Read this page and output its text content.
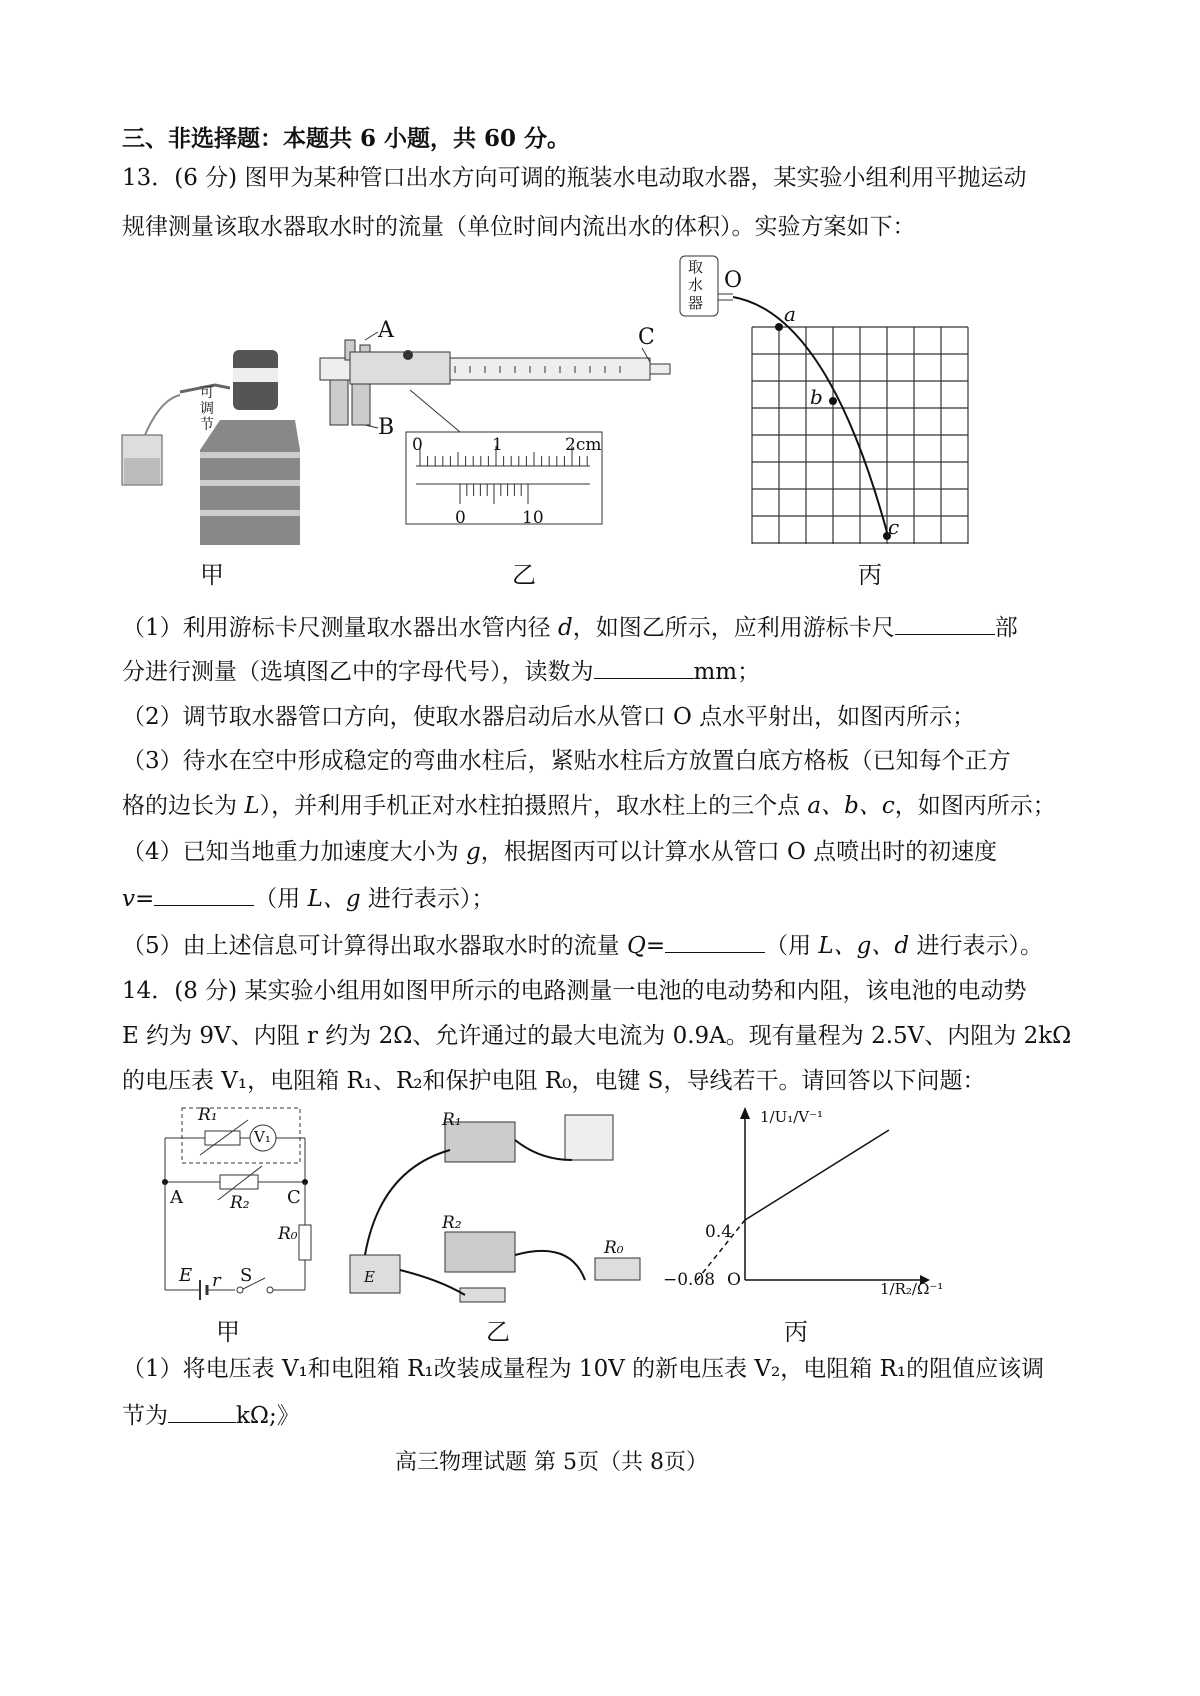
三、非选择题：本题共 6 小题，共 60 分。
13．(6 分) 图甲为某种管口出水方向可调的瓶装水电动取水器，某实验小组利用平抛运动
规律测量该取水器取水时的流量（单位时间内流出水的体积）。实验方案如下：
可调节
甲
A
B
C
0	1	2cm
0	10
乙
取水器
O
a
b
c
丙
（1）利用游标卡尺测量取水器出水管内径 d，如图乙所示，应利用游标卡尺	部
分进行测量（选填图乙中的字母代号），读数为	mm；
（2）调节取水器管口方向，使取水器启动后水从管口 O 点水平射出，如图丙所示；
（3）待水在空中形成稳定的弯曲水柱后，紧贴水柱后方放置白底方格板（已知每个正方
格的边长为 L），并利用手机正对水柱拍摄照片，取水柱上的三个点 a、b、c，如图丙所示；
（4）已知当地重力加速度大小为 g，根据图丙可以计算水从管口 O 点喷出时的初速度
v=	（用 L、g 进行表示）；
（5）由上述信息可计算得出取水器取水时的流量 Q=	（用 L、g、d 进行表示）。
14．(8 分) 某实验小组用如图甲所示的电路测量一电池的电动势和内阻，该电池的电动势
E 约为 9V、内阻 r 约为 2Ω、允许通过的最大电流为 0.9A。现有量程为 2.5V、内阻为 2kΩ
的电压表 V₁，电阻箱 R₁、R₂和保护电阻 R₀，电键 S，导线若干。请回答以下问题：
R₁
V₁
R₂
A	C
R₀
E r S
甲
R₁
R₂
R₀
E
乙
1/U₁/V⁻¹
1/R₂/Ω⁻¹
0.4
−0.08 O
丙
（1）将电压表 V₁和电阻箱 R₁改装成量程为 10V 的新电压表 V₂，电阻箱 R₁的阻值应该调
节为	kΩ;》
高三物理试题 第 5页（共 8页）
